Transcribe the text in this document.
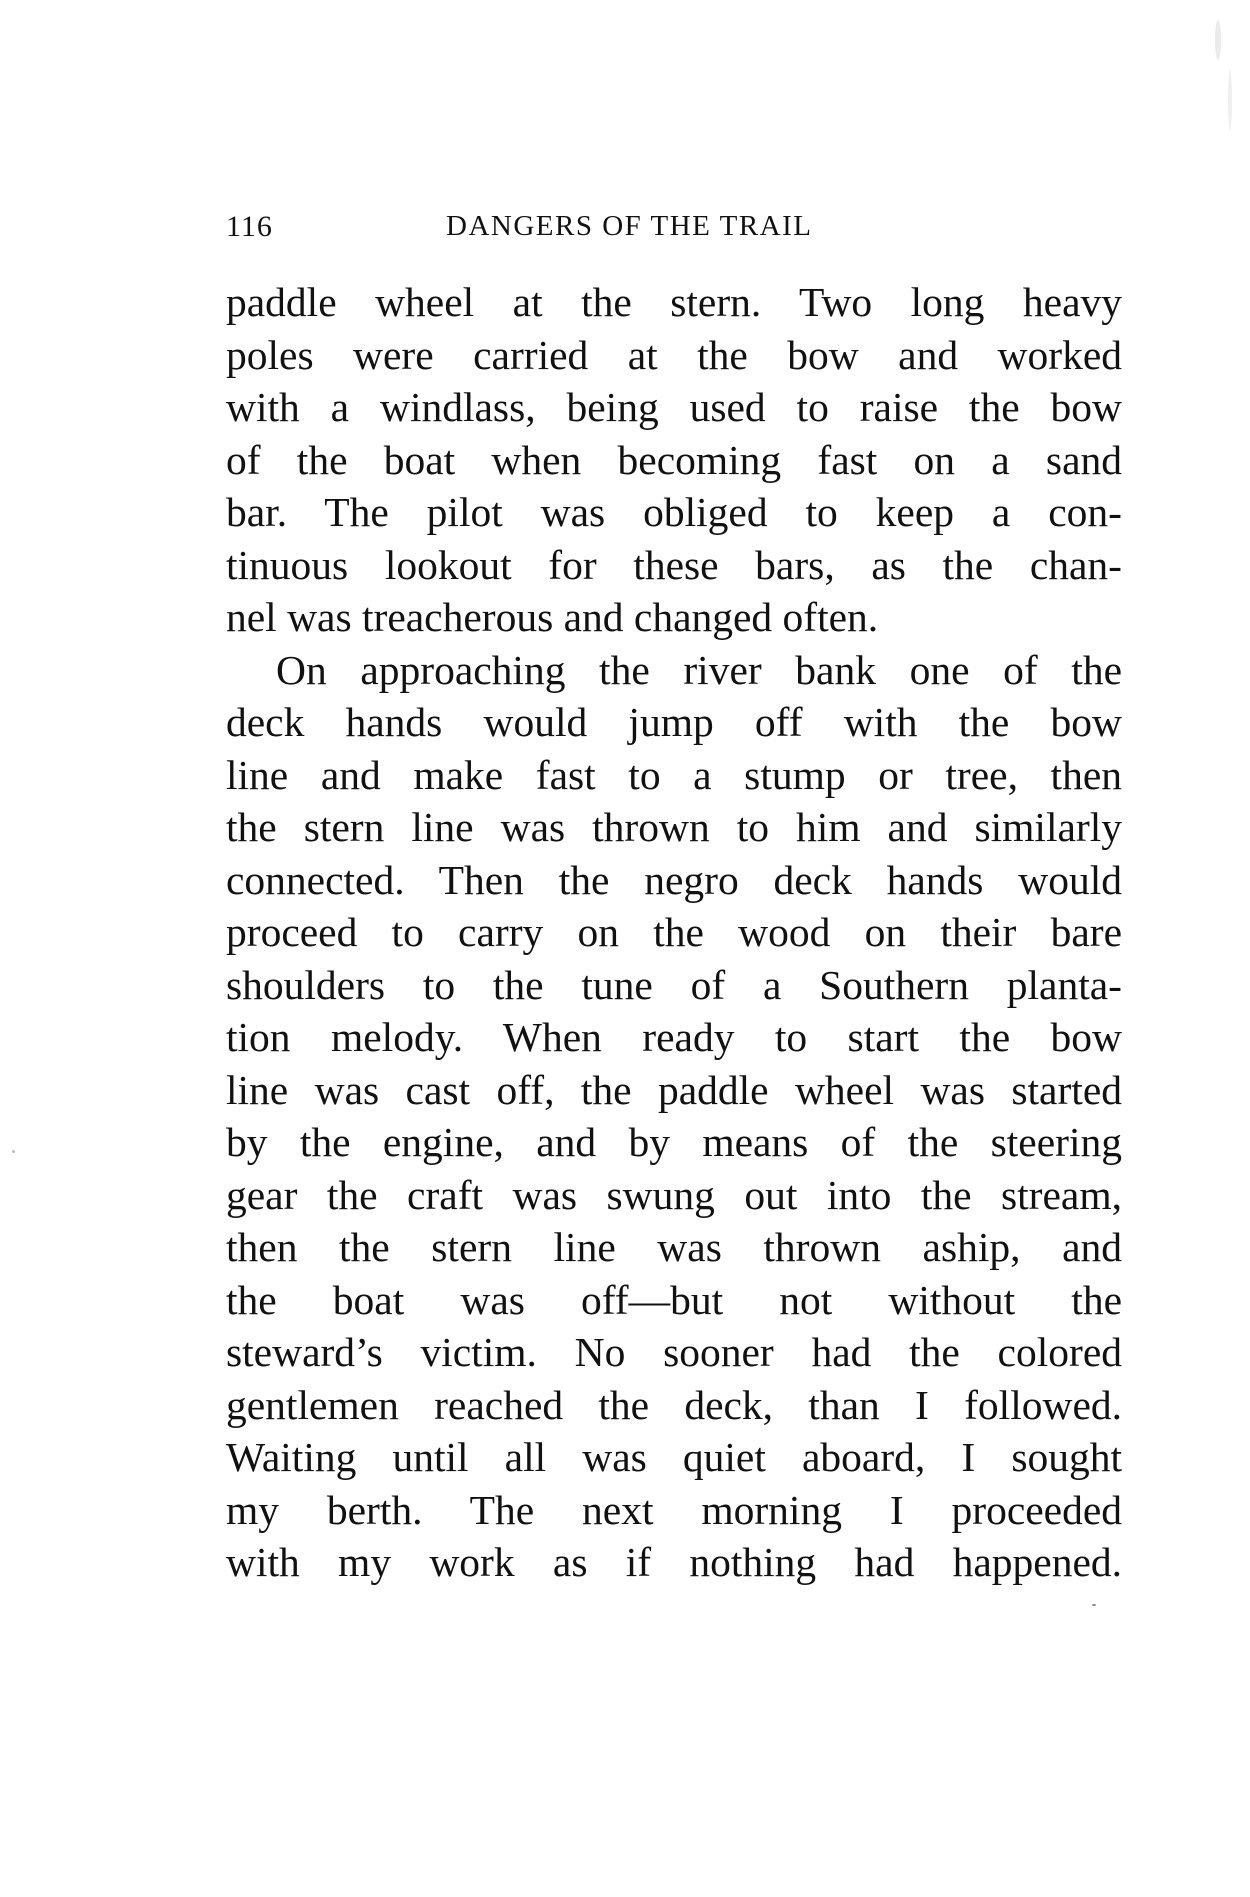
116	DANGERS OF THE TRAIL
paddle wheel at the stern. Two long heavy
poles were carried at the bow and worked
with a windlass, being used to raise the bow
of the boat when becoming fast on a sand
bar. The pilot was obliged to keep a con-
tinuous lookout for these bars, as the chan-
nel was treacherous and changed often.
On approaching the river bank one of the
deck hands would jump off with the bow
line and make fast to a stump or tree, then
the stern line was thrown to him and similarly
connected. Then the negro deck hands would
proceed to carry on the wood on their bare
shoulders to the tune of a Southern planta-
tion melody. When ready to start the bow
line was cast off, the paddle wheel was started
by the engine, and by means of the steering
gear the craft was swung out into the stream,
then the stern line was thrown aship, and
the boat was off—but not without the
steward’s victim. No sooner had the colored
gentlemen reached the deck, than I followed.
Waiting until all was quiet aboard, I sought
my berth. The next morning I proceeded
with my work as if nothing had happened.
